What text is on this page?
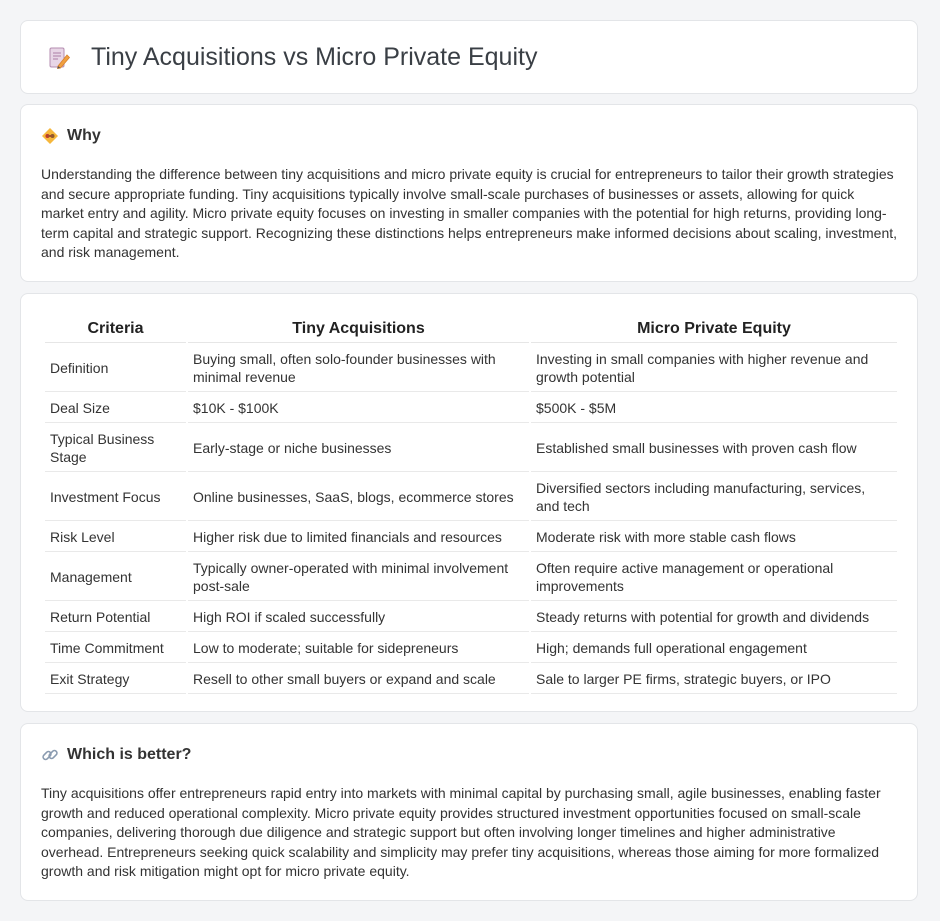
Tiny Acquisitions vs Micro Private Equity
Why

Understanding the difference between tiny acquisitions and micro private equity is crucial for entrepreneurs to tailor their growth strategies and secure appropriate funding. Tiny acquisitions typically involve small-scale purchases of businesses or assets, allowing for quick market entry and agility. Micro private equity focuses on investing in smaller companies with the potential for high returns, providing long-term capital and strategic support. Recognizing these distinctions helps entrepreneurs make informed decisions about scaling, investment, and risk management.

Criteria	Tiny Acquisitions	Micro Private Equity
Definition	Buying small, often solo-founder businesses with minimal revenue	Investing in small companies with higher revenue and growth potential
Deal Size	$10K - $100K	$500K - $5M
Typical Business Stage	Early-stage or niche businesses	Established small businesses with proven cash flow
Investment Focus	Online businesses, SaaS, blogs, ecommerce stores	Diversified sectors including manufacturing, services, and tech
Risk Level	Higher risk due to limited financials and resources	Moderate risk with more stable cash flows
Management	Typically owner-operated with minimal involvement post-sale	Often require active management or operational improvements
Return Potential	High ROI if scaled successfully	Steady returns with potential for growth and dividends
Time Commitment	Low to moderate; suitable for sidepreneurs	High; demands full operational engagement
Exit Strategy	Resell to other small buyers or expand and scale	Sale to larger PE firms, strategic buyers, or IPO
Which is better?

Tiny acquisitions offer entrepreneurs rapid entry into markets with minimal capital by purchasing small, agile businesses, enabling faster growth and reduced operational complexity. Micro private equity provides structured investment opportunities focused on small-scale companies, delivering thorough due diligence and strategic support but often involving longer timelines and higher administrative overhead. Entrepreneurs seeking quick scalability and simplicity may prefer tiny acquisitions, whereas those aiming for more formalized growth and risk mitigation might opt for micro private equity.
